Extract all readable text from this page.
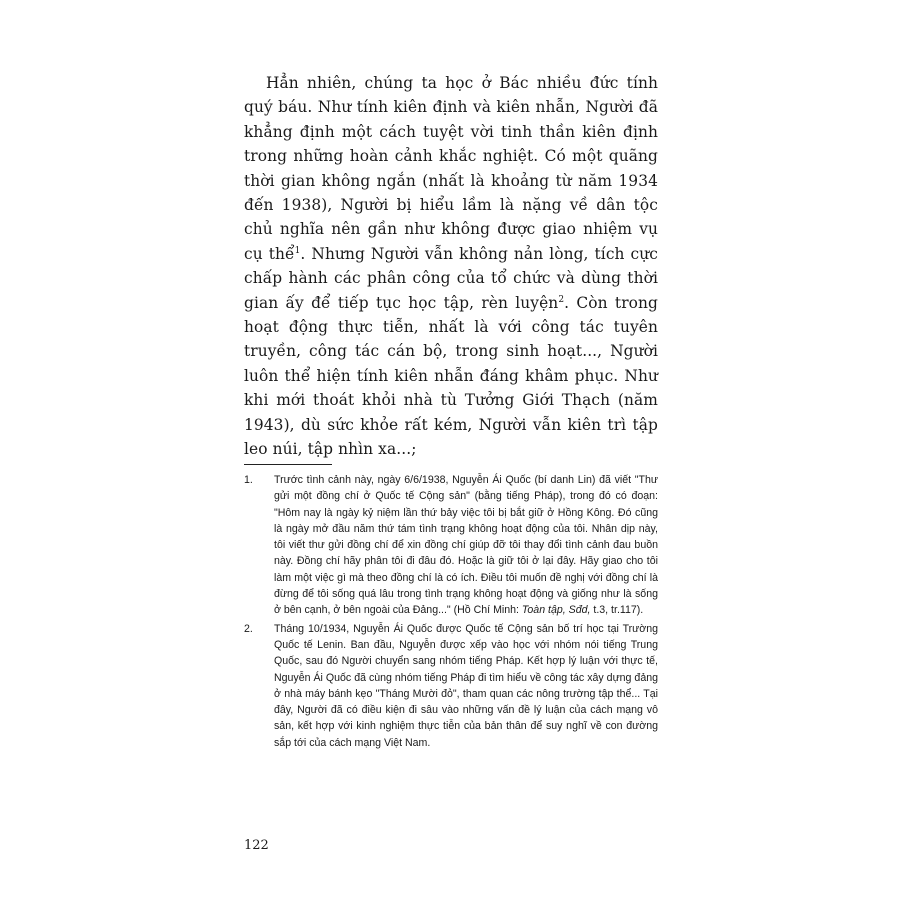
Hẳn nhiên, chúng ta học ở Bác nhiều đức tính quý báu. Như tính kiên định và kiên nhẫn, Người đã khẳng định một cách tuyệt vời tinh thần kiên định trong những hoàn cảnh khắc nghiệt. Có một quãng thời gian không ngắn (nhất là khoảng từ năm 1934 đến 1938), Người bị hiểu lầm là nặng về dân tộc chủ nghĩa nên gần như không được giao nhiệm vụ cụ thể$^1$. Nhưng Người vẫn không nản lòng, tích cực chấp hành các phân công của tổ chức và dùng thời gian ấy để tiếp tục học tập, rèn luyện$^2$. Còn trong hoạt động thực tiễn, nhất là với công tác tuyên truyền, công tác cán bộ, trong sinh hoạt..., Người luôn thể hiện tính kiên nhẫn đáng khâm phục. Như khi mới thoát khỏi nhà tù Tưởng Giới Thạch (năm 1943), dù sức khỏe rất kém, Người vẫn kiên trì tập leo núi, tập nhìn xa...;

1. Trước tình cảnh này, ngày 6/6/1938, Nguyễn Ái Quốc (bí danh Lin) đã viết "Thư gửi một đồng chí ở Quốc tế Cộng sản" (bằng tiếng Pháp), trong đó có đoạn: "Hôm nay là ngày kỷ niệm lần thứ bảy việc tôi bị bắt giữ ở Hồng Kông. Đó cũng là ngày mở đầu năm thứ tám tình trạng không hoạt động của tôi. Nhân dịp này, tôi viết thư gửi đồng chí để xin đồng chí giúp đỡ tôi thay đổi tình cảnh đau buồn này. Đồng chí hãy phân tôi đi đâu đó. Hoặc là giữ tôi ở lại đây. Hãy giao cho tôi làm một việc gì mà theo đồng chí là có ích. Điều tôi muốn đề nghị với đồng chí là đừng để tôi sống quá lâu trong tình trạng không hoạt động và giống như là sống ở bên cạnh, ở bên ngoài của Đảng..." (Hồ Chí Minh: Toàn tập, Sđd, t.3, tr.117).
2. Tháng 10/1934, Nguyễn Ái Quốc được Quốc tế Cộng sản bố trí học tại Trường Quốc tế Lenin. Ban đầu, Nguyễn được xếp vào học với nhóm nói tiếng Trung Quốc, sau đó Người chuyển sang nhóm tiếng Pháp. Kết hợp lý luận với thực tế, Nguyễn Ái Quốc đã cùng nhóm tiếng Pháp đi tìm hiểu về công tác xây dựng đảng ở nhà máy bánh kẹo "Tháng Mười đỏ", tham quan các nông trường tập thể... Tại đây, Người đã có điều kiện đi sâu vào những vấn đề lý luận của cách mạng vô sản, kết hợp với kinh nghiệm thực tiễn của bản thân để suy nghĩ về con đường sắp tới của cách mạng Việt Nam.
122
